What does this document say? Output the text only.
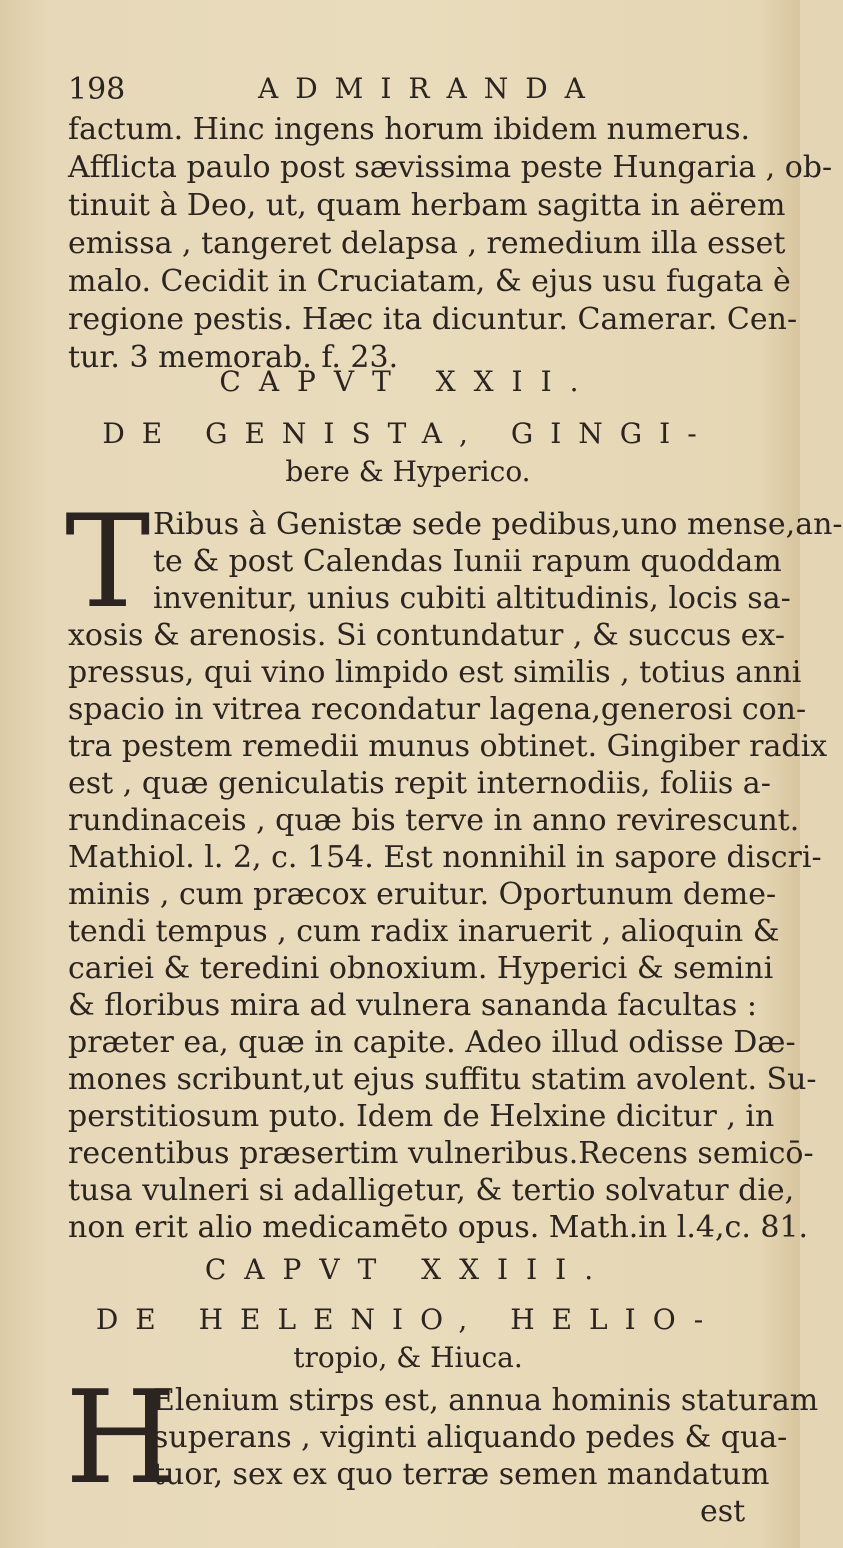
198	ADMIRANDA
factum. Hinc ingens horum ibidem numerus.
Afflicta paulo post sævissima peste Hungaria , ob-
tinuit à Deo, ut, quam herbam sagitta in aërem
emissa , tangeret delapsa , remedium illa esset
malo. Cecidit in Cruciatam, & ejus usu fugata è
regione pestis. Hæc ita dicuntur. Camerar. Cen-
tur. 3 memorab. f. 23.
CAPVT XXII.
DE GENISTA, GINGI-
bere & Hyperico.
T Ribus à Genistæ sede pedibus,uno mense,an-
te & post Calendas Iunii rapum quoddam
invenitur, unius cubiti altitudinis, locis sa-
xosis & arenosis. Si contundatur , & succus ex-
pressus, qui vino limpido est similis , totius anni
spacio in vitrea recondatur lagena,generosi con-
tra pestem remedii munus obtinet. Gingiber radix
est , quæ geniculatis repit internodiis, foliis a-
rundinaceis , quæ bis terve in anno revirescunt.
Mathiol. l. 2, c. 154. Est nonnihil in sapore discri-
minis , cum præcox eruitur. Oportunum deme-
tendi tempus , cum radix inaruerit , alioquin &
cariei & teredini obnoxium. Hyperici & semini
& floribus mira ad vulnera sananda facultas :
præter ea, quæ in capite. Adeo illud odisse Dæ-
mones scribunt,ut ejus suffitu statim avolent. Su-
perstitiosum puto. Idem de Helxine dicitur , in
recentibus præsertim vulneribus.Recens semicō-
tusa vulneri si adalligetur, & tertio solvatur die,
non erit alio medicamēto opus. Math.in l.4,c. 81.
CAPVT XXIII.
DE HELENIO, HELIO-
tropio, & Hiuca.
H
Elenium stirps est, annua hominis staturam
superans , viginti aliquando pedes & qua-
tuor, sex ex quo terræ semen mandatum
est
